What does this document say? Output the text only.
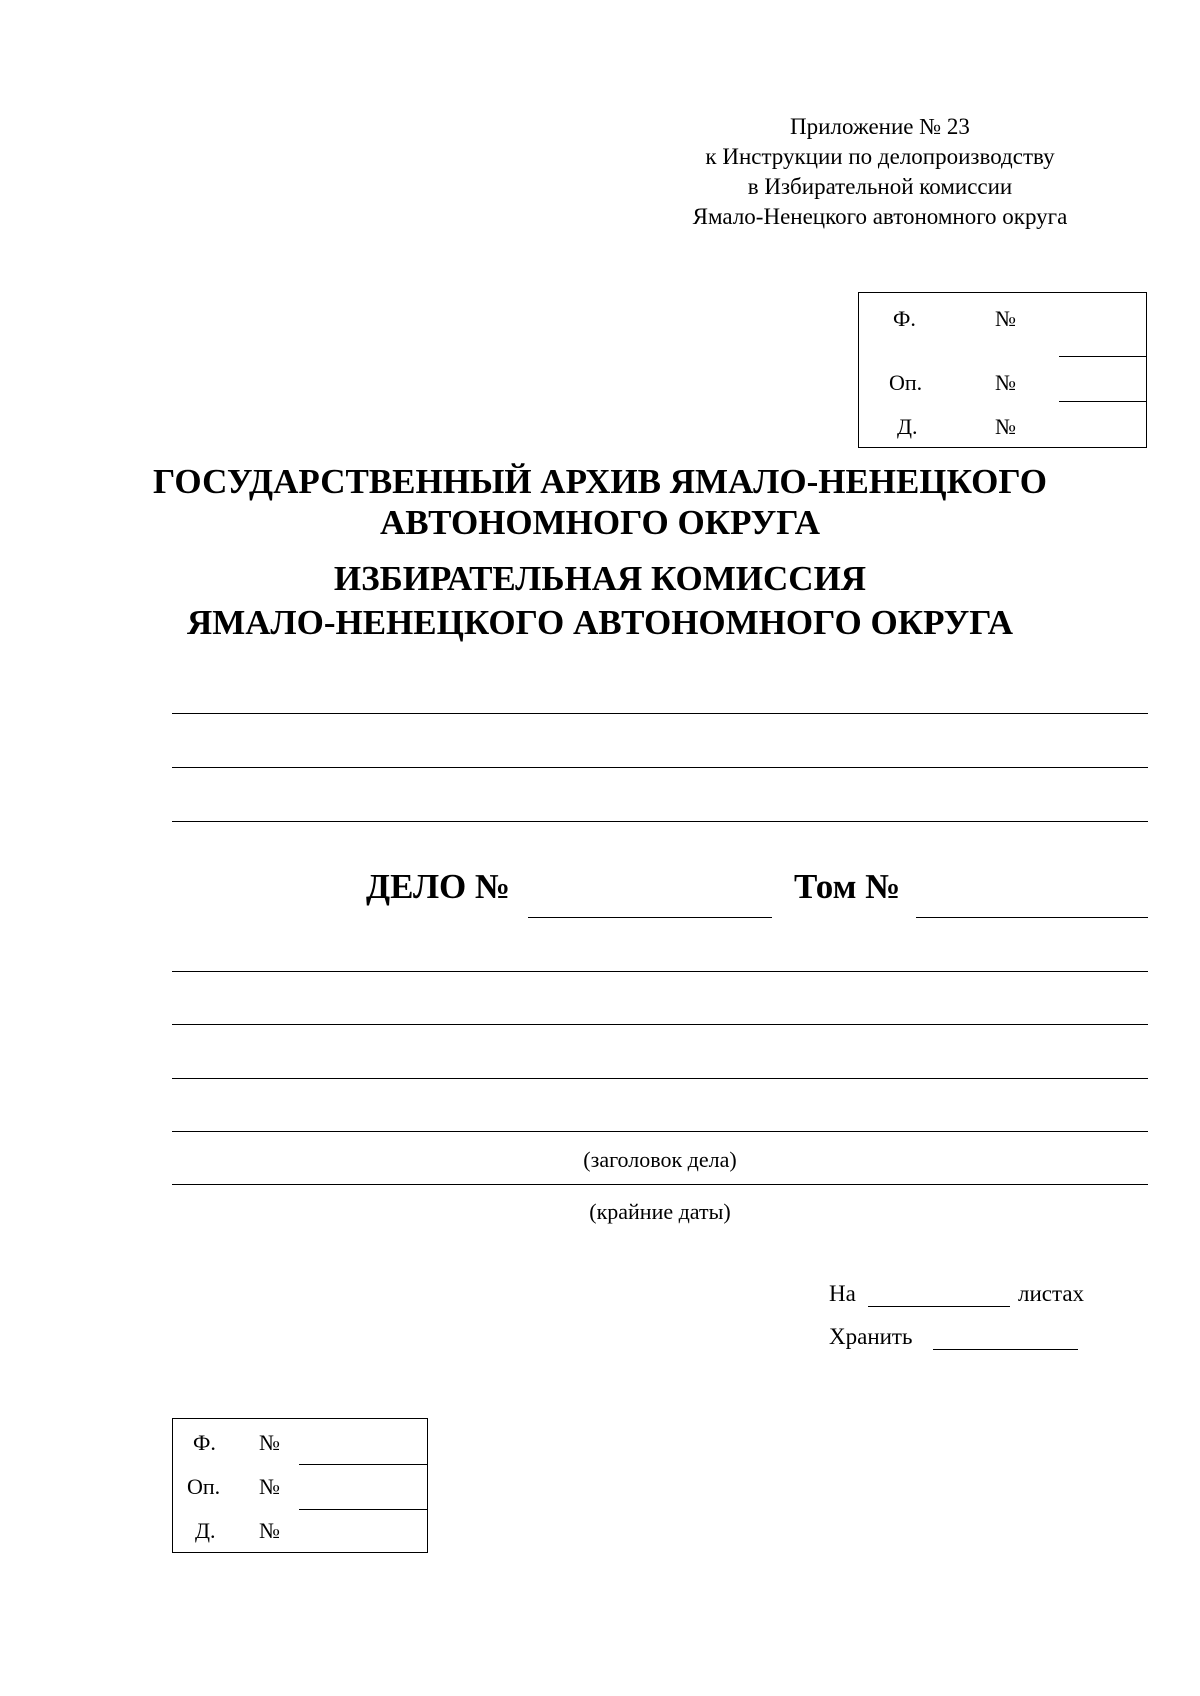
Приложение № 23
к Инструкции по делопроизводству
в Избирательной комиссии
Ямало-Ненецкого автономного округа
Ф.	№
Оп.	№
Д.	№
ГОСУДАРСТВЕННЫЙ АРХИВ ЯМАЛО-НЕНЕЦКОГО
АВТОНОМНОГО ОКРУГА
ИЗБИРАТЕЛЬНАЯ КОМИССИЯ
ЯМАЛО-НЕНЕЦКОГО АВТОНОМНОГО ОКРУГА
ДЕЛО №	Том №
(заголовок дела)
(крайние даты)
На	листах
Хранить
Ф. №
Оп. №
Д. №
